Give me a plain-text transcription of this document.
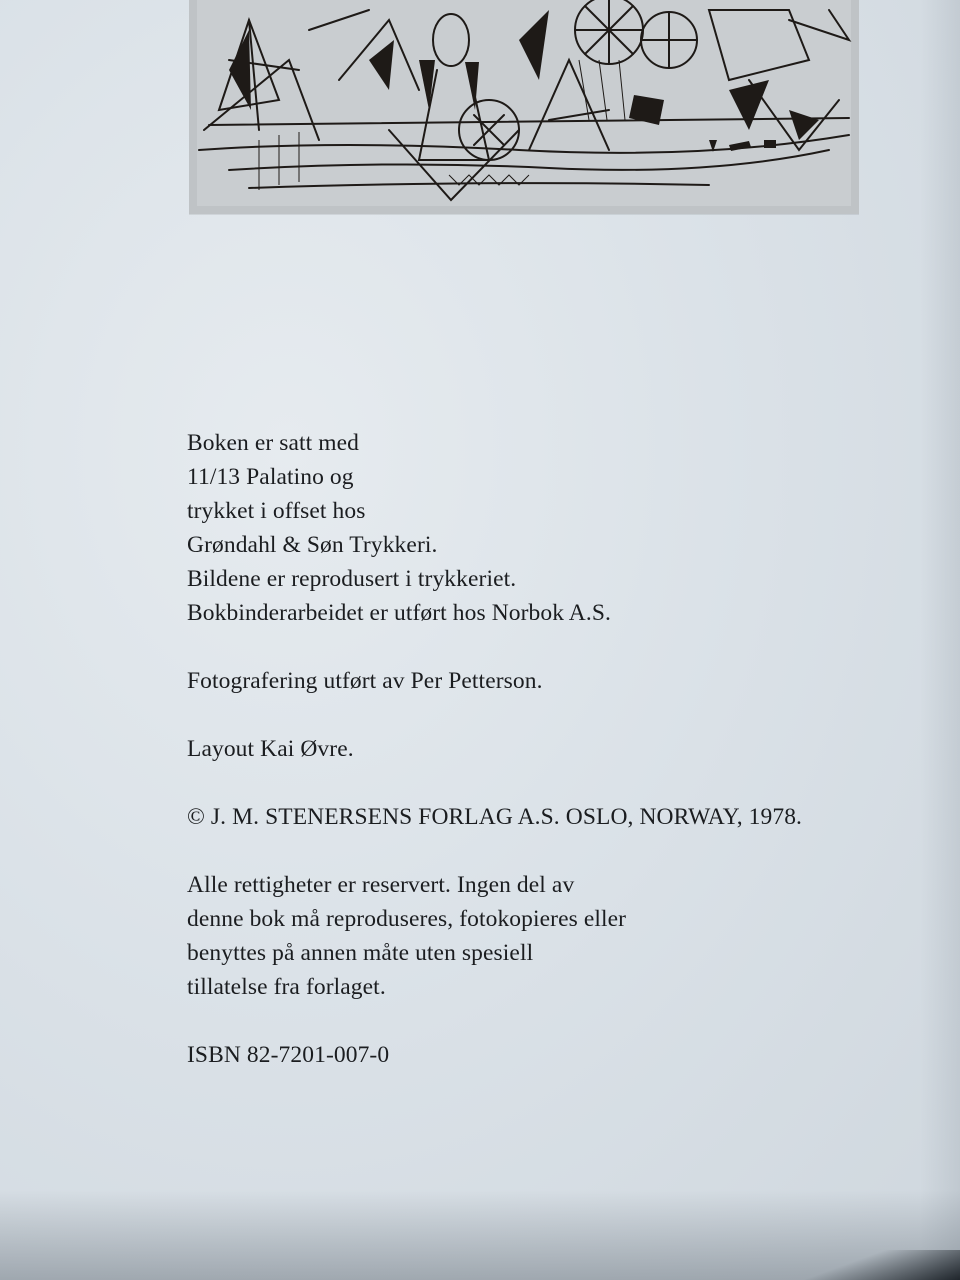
Boken er satt med
11/13 Palatino og
trykket i offset hos
Grøndahl & Søn Trykkeri.
Bildene er reprodusert i trykkeriet.
Bokbinderarbeidet er utført hos Norbok A.S.
Fotografering utført av Per Petterson.
Layout Kai Øvre.
© J. M. STENERSENS FORLAG A.S. OSLO, NORWAY, 1978.
Alle rettigheter er reservert. Ingen del av
denne bok må reproduseres, fotokopieres eller
benyttes på annen måte uten spesiell
tillatelse fra forlaget.
ISBN 82-7201-007-0
